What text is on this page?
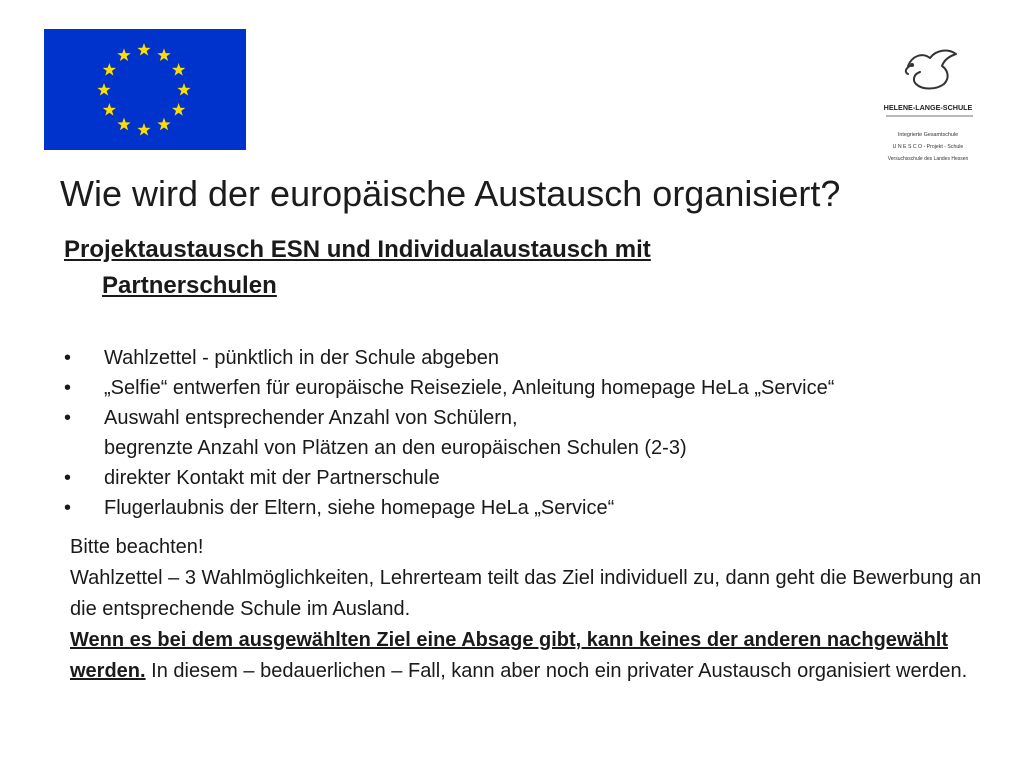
HELENE-LANGE-SCHULE
Integrierte Gesamtschule
U N E S C O - Projekt - Schule
Versuchsschule des Landes Hessen
Wie wird der europäische Austausch organisiert?
Projektaustausch ESN und Individualaustausch mit
Partnerschulen
• Wahlzettel - pünktlich in der Schule abgeben
• „Selfie“ entwerfen für europäische Reiseziele, Anleitung homepage HeLa „Service“
• Auswahl entsprechender Anzahl von Schülern,
begrenzte Anzahl von Plätzen an den europäischen Schulen (2-3)
• direkter Kontakt mit der Partnerschule
• Flugerlaubnis der Eltern, siehe homepage HeLa „Service“
Bitte beachten!
Wahlzettel – 3 Wahlmöglichkeiten, Lehrerteam teilt das Ziel individuell zu, dann geht die Bewerbung an die entsprechende Schule im Ausland.
Wenn es bei dem ausgewählten Ziel eine Absage gibt, kann keines der anderen nachgewählt werden. In diesem – bedauerlichen – Fall, kann aber noch ein privater Austausch organisiert werden.
